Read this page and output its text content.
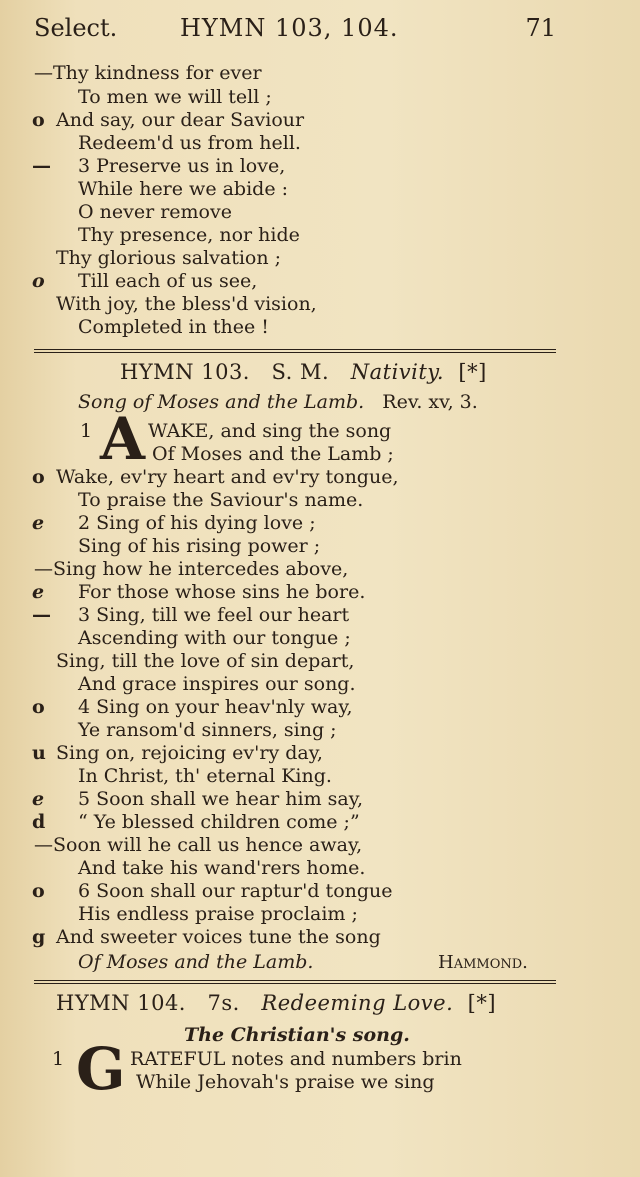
Select.	HYMN 103, 104.	71
—Thy kindness for ever
To men we will tell ;
o And say, our dear Saviour
Redeem'd us from hell.
— 3 Preserve us in love,
While here we abide :
O never remove
Thy presence, nor hide
Thy glorious salvation ;
o Till each of us see,
With joy, the bless'd vision,
Completed in thee !
HYMN 103. S. M. Nativity. [*]
Song of Moses and the Lamb. Rev. xv, 3.
1 A WAKE, and sing the song
Of Moses and the Lamb ;
o Wake, ev'ry heart and ev'ry tongue,
To praise the Saviour's name.
e 2 Sing of his dying love ;
Sing of his rising power ;
—Sing how he intercedes above,
e For those whose sins he bore.
— 3 Sing, till we feel our heart
Ascending with our tongue ;
Sing, till the love of sin depart,
And grace inspires our song.
o 4 Sing on your heav'nly way,
Ye ransom'd sinners, sing ;
u Sing on, rejoicing ev'ry day,
In Christ, th' eternal King.
e 5 Soon shall we hear him say,
d “ Ye blessed children come ;”
—Soon will he call us hence away,
And take his wand'rers home.
o 6 Soon shall our raptur'd tongue
His endless praise proclaim ;
g And sweeter voices tune the song
Of Moses and the Lamb.	Hammond.
HYMN 104. 7s. Redeeming Love. [*]
The Christian's song.
1 G RATEFUL notes and numbers brin
While Jehovah's praise we sing
